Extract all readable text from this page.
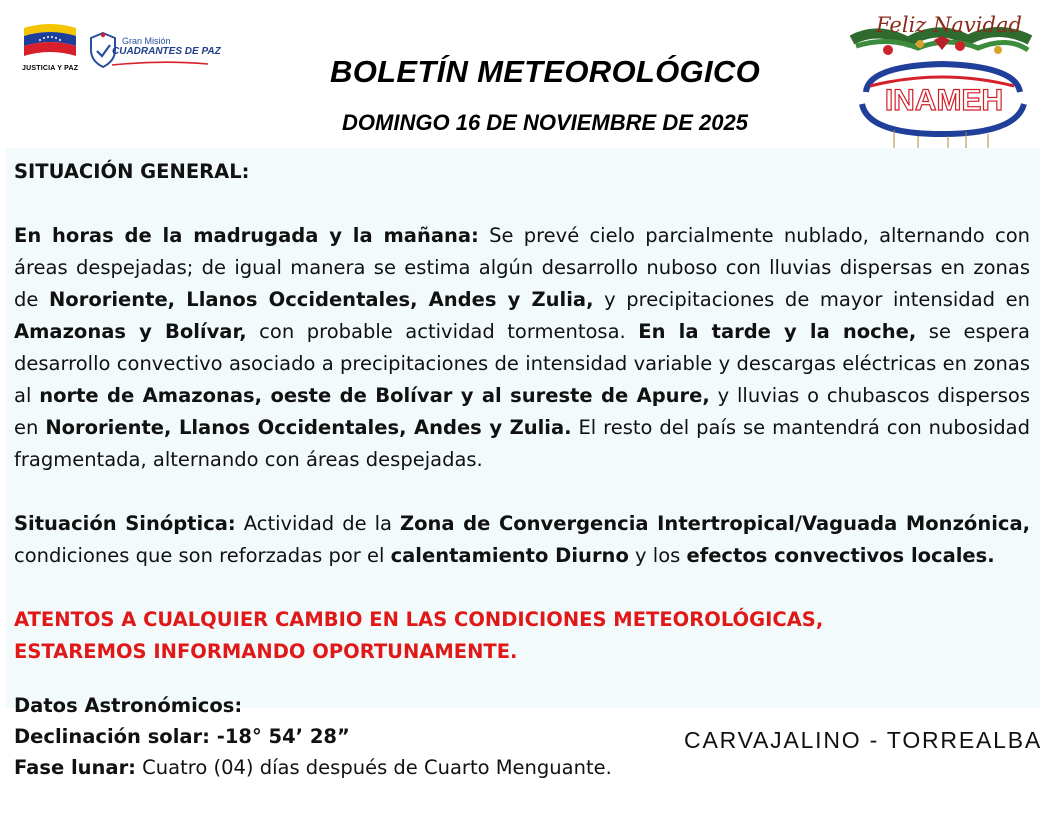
JUSTICIA Y PAZ
Gran Misión
CUADRANTES DE PAZ
BOLETÍN METEOROLÓGICO
DOMINGO 16 DE NOVIEMBRE DE 2025
Feliz Navidad
INAMEH

SITUACIÓN GENERAL:

En horas de la madrugada y la mañana: Se prevé cielo parcialmente nublado, alternando con áreas despejadas; de igual manera se estima algún desarrollo nuboso con lluvias dispersas en zonas de Nororiente, Llanos Occidentales, Andes y Zulia, y precipitaciones de mayor intensidad en Amazonas y Bolívar, con probable actividad tormentosa. En la tarde y la noche, se espera desarrollo convectivo asociado a precipitaciones de intensidad variable y descargas eléctricas en zonas al norte de Amazonas, oeste de Bolívar y al sureste de Apure, y lluvias o chubascos dispersos en Nororiente, Llanos Occidentales, Andes y Zulia. El resto del país se mantendrá con nubosidad fragmentada, alternando con áreas despejadas.

Situación Sinóptica: Actividad de la Zona de Convergencia Intertropical/Vaguada Monzónica, condiciones que son reforzadas por el calentamiento Diurno y los efectos convectivos locales.

ATENTOS A CUALQUIER CAMBIO EN LAS CONDICIONES METEOROLÓGICAS,

ESTAREMOS INFORMANDO OPORTUNAMENTE.

Datos Astronómicos:
Declinación solar: -18° 54’ 28”
Fase lunar: Cuatro (04) días después de Cuarto Menguante.
CARVAJALINO - TORREALBA
